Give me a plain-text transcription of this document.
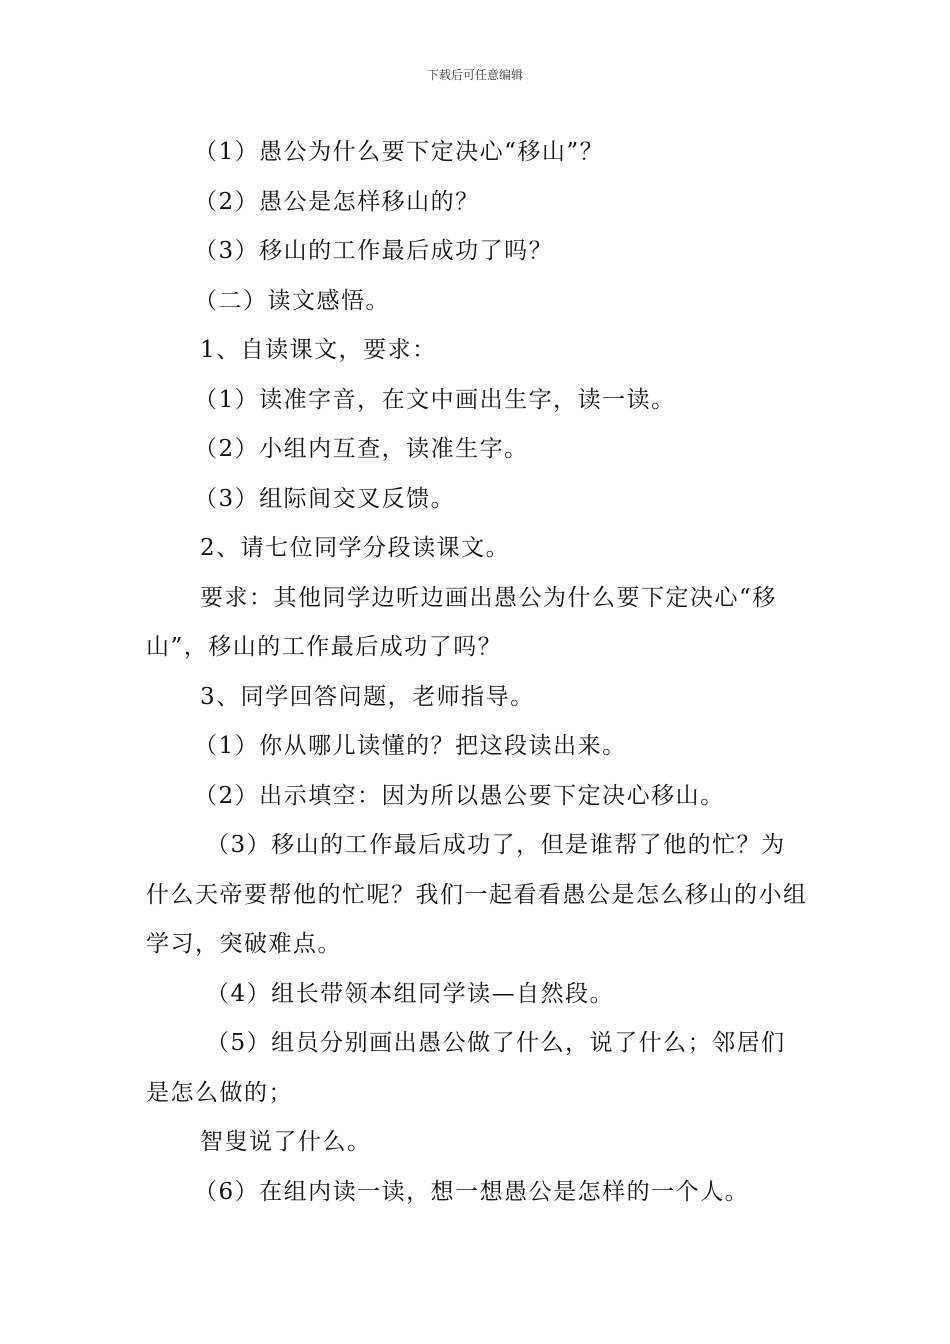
下载后可任意编辑
（1）愚公为什么要下定决心“移山”？
（2）愚公是怎样移山的？
（3）移山的工作最后成功了吗？
（二）读文感悟。
1、自读课文，要求：
（1）读准字音，在文中画出生字，读一读。
（2）小组内互查，读准生字。
（3）组际间交叉反馈。
2、请七位同学分段读课文。
要求：其他同学边听边画出愚公为什么要下定决心“移山”，移山的工作最后成功了吗？
3、同学回答问题，老师指导。
（1）你从哪儿读懂的？把这段读出来。
（2）出示填空：因为所以愚公要下定决心移山。
（3）移山的工作最后成功了，但是谁帮了他的忙？为什么天帝要帮他的忙呢？我们一起看看愚公是怎么移山的小组学习，突破难点。
（4）组长带领本组同学读—自然段。
（5）组员分别画出愚公做了什么，说了什么；邻居们是怎么做的；
智叟说了什么。
（6）在组内读一读，想一想愚公是怎样的一个人。
